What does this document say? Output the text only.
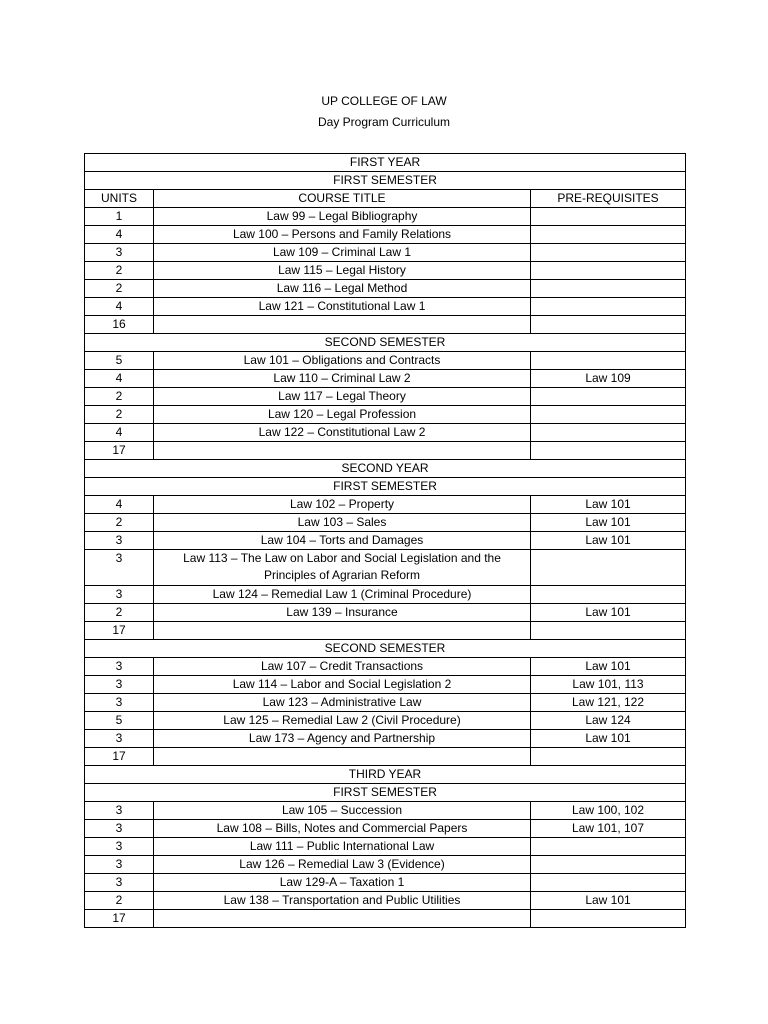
UP COLLEGE OF LAW
Day Program Curriculum
FIRST YEAR		
FIRST SEMESTER		
UNITS	COURSE TITLE	PRE-REQUISITES
1	Law 99 – Legal Bibliography	
4	Law 100 – Persons and Family Relations	
3	Law 109 – Criminal Law 1	
2	Law 115 – Legal History	
2	Law 116 – Legal Method	
4	Law 121 – Constitutional Law 1	
16		
SECOND SEMESTER		
5	Law 101 – Obligations and Contracts	
4	Law 110 – Criminal Law 2	Law 109
2	Law 117 – Legal Theory	
2	Law 120 – Legal Profession	
4	Law 122 – Constitutional Law 2	
17		
SECOND YEAR		
FIRST SEMESTER		
4	Law 102 – Property	Law 101
2	Law 103 – Sales	Law 101
3	Law 104 – Torts and Damages	Law 101
3	Law 113 – The Law on Labor and Social Legislation and the
Principles of Agrarian Reform	

3	Law 124 – Remedial Law 1 (Criminal Procedure)	
2	Law 139 – Insurance	Law 101
17		
SECOND SEMESTER		
3	Law 107 – Credit Transactions	Law 101
3	Law 114 – Labor and Social Legislation 2	Law 101, 113
3	Law 123 – Administrative Law	Law 121, 122
5	Law 125 – Remedial Law 2 (Civil Procedure)	Law 124
3	Law 173 – Agency and Partnership	Law 101
17		
THIRD YEAR		
FIRST SEMESTER		
3	Law 105 – Succession	Law 100, 102
3	Law 108 – Bills, Notes and Commercial Papers	Law 101, 107
3	Law 111 – Public International Law	
3	Law 126 – Remedial Law 3 (Evidence)	
3	Law 129-A – Taxation 1	
2	Law 138 – Transportation and Public Utilities	Law 101
17		
